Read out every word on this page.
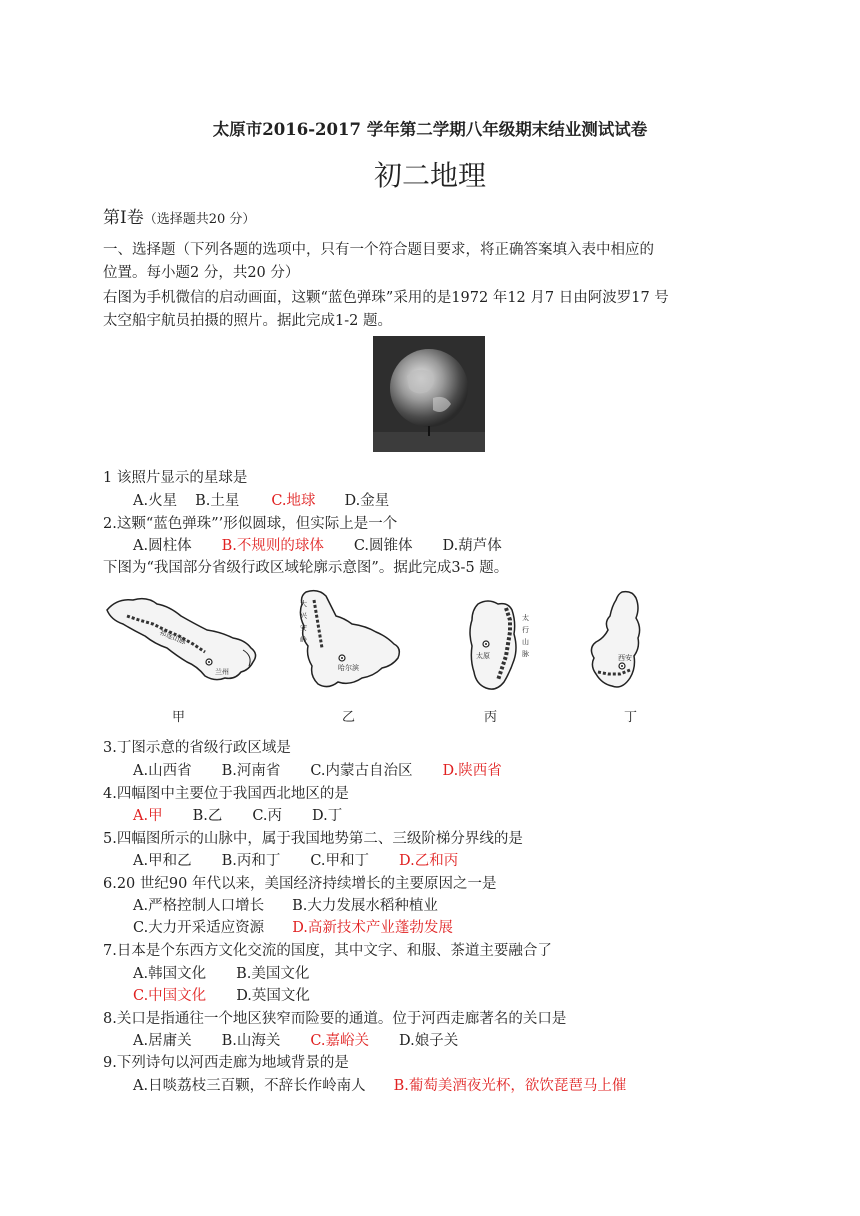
太原市2016-2017 学年第二学期八年级期末结业测试试卷
初二地理
第Ⅰ卷（选择题共20 分）
一、选择题（下列各题的选项中，只有一个符合题目要求，将正确答案填入表中相应的
位置。每小题2 分，共20 分）
右图为手机微信的启动画面，这颗“蓝色弹珠”采用的是1972 年12 月7 日由阿波罗17 号
太空船宇航员拍摄的照片。据此完成1-2 题。
1 该照片显示的星球是
A.火星 B.土星 C.地球 D.金星
2.这颗“蓝色弹珠”’形似圆球，但实际上是一个
A.圆柱体 B.不规则的球体 C.圆锥体 D.葫芦体
下图为“我国部分省级行政区域轮廓示意图”。据此完成3-5 题。
兰州
祁连山脉
甲
哈尔滨
大
兴
安
岭
乙
太原
太
行
山
脉
丙
西安
丁
3.丁图示意的省级行政区域是
A.山西省 B.河南省 C.内蒙古自治区 D.陕西省
4.四幅图中主要位于我国西北地区的是
A.甲 B.乙 C.丙 D.丁
5.四幅图所示的山脉中，属于我国地势第二、三级阶梯分界线的是
A.甲和乙 B.丙和丁 C.甲和丁 D.乙和丙
6.20 世纪90 年代以来，美国经济持续增长的主要原因之一是
A.严格控制人口增长 B.大力发展水稻种植业
C.大力开采适应资源 D.高新技术产业蓬勃发展
7.日本是个东西方文化交流的国度，其中文字、和服、茶道主要融合了
A.韩国文化 B.美国文化
C.中国文化 D.英国文化
8.关口是指通往一个地区狭窄而险要的通道。位于河西走廊著名的关口是
A.居庸关 B.山海关 C.嘉峪关 D.娘子关
9.下列诗句以河西走廊为地域背景的是
A.日啖荔枝三百颗，不辞长作岭南人 B.葡萄美酒夜光杯，欲饮琵琶马上催
